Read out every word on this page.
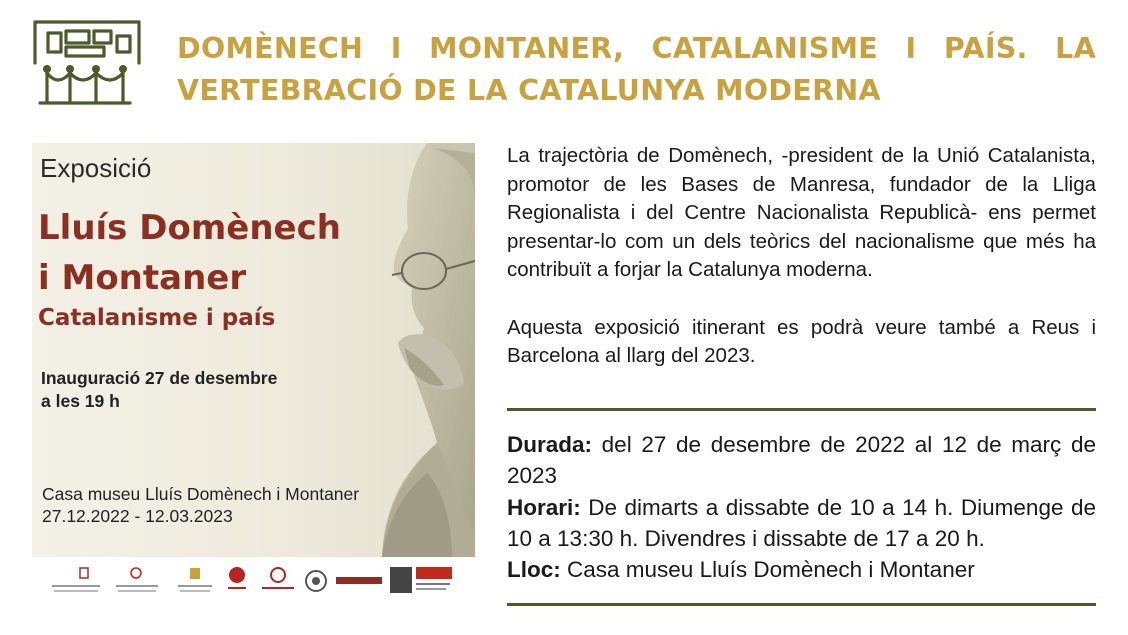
DOMÈNECH I MONTANER, CATALANISME I PAÍS. LA VERTEBRACIÓ DE LA CATALUNYA MODERNA
Exposició
Lluís Domènech
i Montaner
Catalanisme i país
Inauguració 27 de desembre
a les 19 h
Casa museu Lluís Domènech i Montaner
27.12.2022 - 12.03.2023

La trajectòria de Domènech, -president de la Unió Catalanista, promotor de les Bases de Manresa, fundador de la Lliga Regionalista i del Centre Nacionalista Republicà- ens permet presentar-lo com un dels teòrics del nacionalisme que més ha contribuït a forjar la Catalunya moderna.

Aquesta exposició itinerant es podrà veure també a Reus i Barcelona al llarg del 2023.

Durada: del 27 de desembre de 2022 al 12 de març de 2023

Horari: De dimarts a dissabte de 10 a 14 h. Diumenge de 10 a 13:30 h. Divendres i dissabte de 17 a 20 h.

Lloc: Casa museu Lluís Domènech i Montaner
